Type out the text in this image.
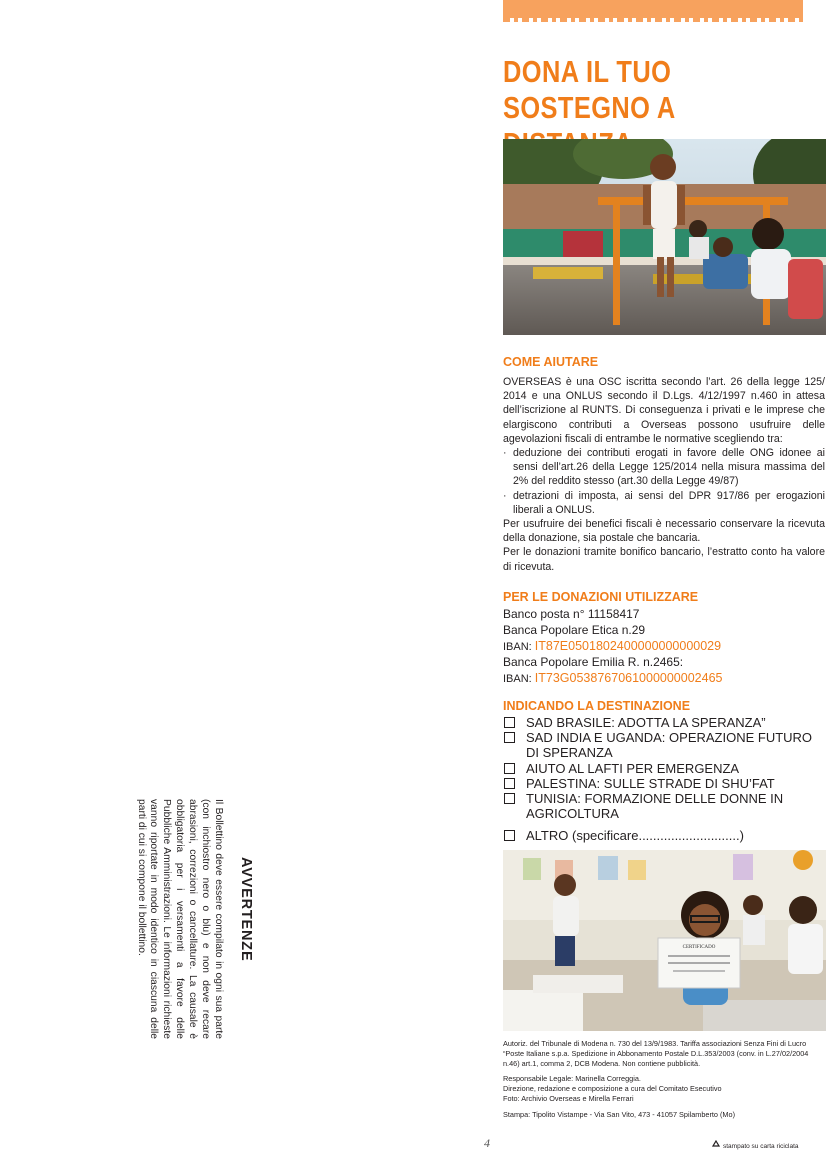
DONA IL TUO
SOSTEGNO A
COME AIUTARE

OVERSEAS è una OSC iscritta secondo l’art. 26 della legge 125/ 2014 e una ONLUS secondo il D.Lgs. 4/12/1997 n.460 in attesa dell’iscrizione al RUNTS. Di conseguenza i privati e le imprese che elargiscono contributi a Overseas possono usufruire delle agevolazioni fiscali di entrambe le normative scegliendo tra:

· deduzione dei contributi erogati in favore delle ONG idonee ai sensi dell’art.26 della Legge 125/2014 nella misura massima del 2% del reddito stesso (art.30 della Legge 49/87)

· detrazioni di imposta, ai sensi del DPR 917/86 per erogazioni liberali a ONLUS.

Per usufruire dei benefici fiscali è necessario conservare la ricevuta della donazione, sia postale che bancaria.

Per le donazioni tramite bonifico bancario, l’estratto conto ha valore di ricevuta.

PER LE DONAZIONI UTILIZZARE
Banco posta n° 11158417
Banca Popolare Etica n.29
IBAN: IT87E0501802400000000000029
Banca Popolare Emilia R. n.2465:
IBAN: IT73G0538767061000000002465
INDICANDO LA DESTINAZIONE
SAD BRASILE: ADOTTA LA SPERANZA”
SAD INDIA E UGANDA: OPERAZIONE FUTURO DI SPERANZA
AIUTO AL LAFTI PER EMERGENZA
PALESTINA: SULLE STRADE DI SHU’FAT
TUNISIA: FORMAZIONE DELLE DONNE IN AGRICOLTURA
ALTRO (specificare............................)
CERTIFICADO

Autoriz. del Tribunale di Modena n. 730 del 13/9/1983. Tariffa associazioni Senza Fini di Lucro

“Poste Italiane s.p.a. Spedizione in Abbonamento Postale D.L.353/2003 (conv. in L.27/02/2004 n.46) art.1, comma 2, DCB Modena. Non contiene pubblicità.

Responsabile Legale: Marinella Correggia.

Direzione, redazione e composizione a cura del Comitato Esecutivo

Foto: Archivio Overseas e Mirella Ferrari

Stampa: Tipolito Vistampe - Via San Vito, 473 - 41057 Spilamberto (Mo)

4	stampato su carta riciclata
AVVERTENZE
Il Bollettino deve essere compilato in ogni sua parte (con inchiostro nero o blu) e non deve recare abrasioni, correzioni o cancellature. La causale è obbligatoria per i versamenti a favore delle Pubbliche Amministrazioni. Le informazioni richieste vanno riportate in modo identico in ciascuna delle parti di cui si compone il bollettino.
